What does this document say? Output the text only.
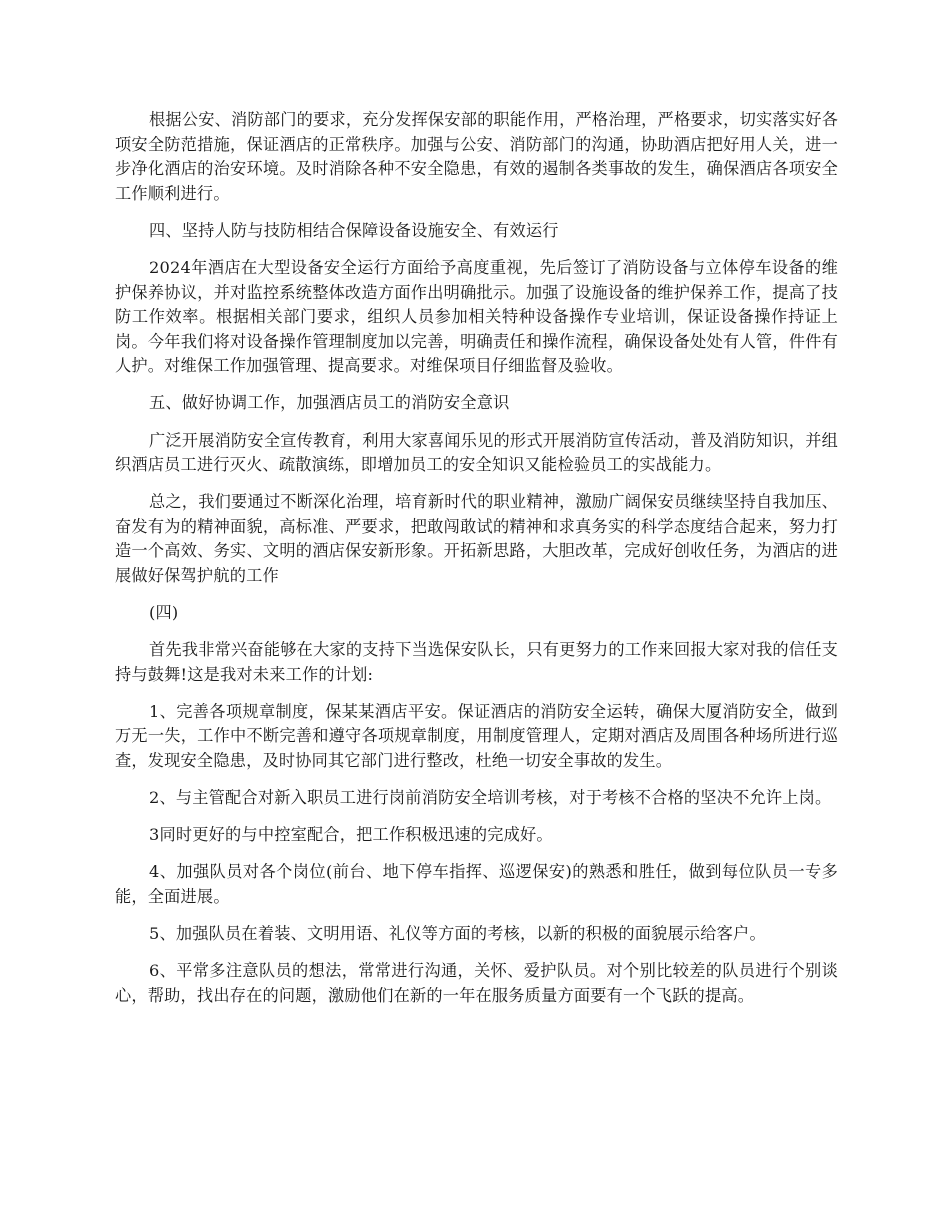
根据公安、消防部门的要求，充分发挥保安部的职能作用，严格治理，严格要求，切实落实好各项安全防范措施，保证酒店的正常秩序。加强与公安、消防部门的沟通，协助酒店把好用人关，进一步净化酒店的治安环境。及时消除各种不安全隐患，有效的遏制各类事故的发生，确保酒店各项安全工作顺利进行。

四、坚持人防与技防相结合保障设备设施安全、有效运行

2024年酒店在大型设备安全运行方面给予高度重视，先后签订了消防设备与立体停车设备的维护保养协议，并对监控系统整体改造方面作出明确批示。加强了设施设备的维护保养工作，提高了技防工作效率。根据相关部门要求，组织人员参加相关特种设备操作专业培训，保证设备操作持证上岗。今年我们将对设备操作管理制度加以完善，明确责任和操作流程，确保设备处处有人管，件件有人护。对维保工作加强管理、提高要求。对维保项目仔细监督及验收。

五、做好协调工作，加强酒店员工的消防安全意识

广泛开展消防安全宣传教育，利用大家喜闻乐见的形式开展消防宣传活动，普及消防知识，并组织酒店员工进行灭火、疏散演练，即增加员工的安全知识又能检验员工的实战能力。

总之，我们要通过不断深化治理，培育新时代的职业精神，激励广阔保安员继续坚持自我加压、奋发有为的精神面貌，高标准、严要求，把敢闯敢试的精神和求真务实的科学态度结合起来，努力打造一个高效、务实、文明的酒店保安新形象。开拓新思路，大胆改革，完成好创收任务，为酒店的进展做好保驾护航的工作

(四)

首先我非常兴奋能够在大家的支持下当选保安队长，只有更努力的工作来回报大家对我的信任支持与鼓舞!这是我对未来工作的计划:

1、完善各项规章制度，保某某酒店平安。保证酒店的消防安全运转，确保大厦消防安全，做到万无一失，工作中不断完善和遵守各项规章制度，用制度管理人，定期对酒店及周围各种场所进行巡查，发现安全隐患，及时协同其它部门进行整改，杜绝一切安全事故的发生。

2、与主管配合对新入职员工进行岗前消防安全培训考核，对于考核不合格的坚决不允许上岗。

3同时更好的与中控室配合，把工作积极迅速的完成好。

4、加强队员对各个岗位(前台、地下停车指挥、巡逻保安)的熟悉和胜任，做到每位队员一专多能，全面进展。

5、加强队员在着装、文明用语、礼仪等方面的考核，以新的积极的面貌展示给客户。

6、平常多注意队员的想法，常常进行沟通，关怀、爱护队员。对个别比较差的队员进行个别谈心，帮助，找出存在的问题，激励他们在新的一年在服务质量方面要有一个飞跃的提高。
